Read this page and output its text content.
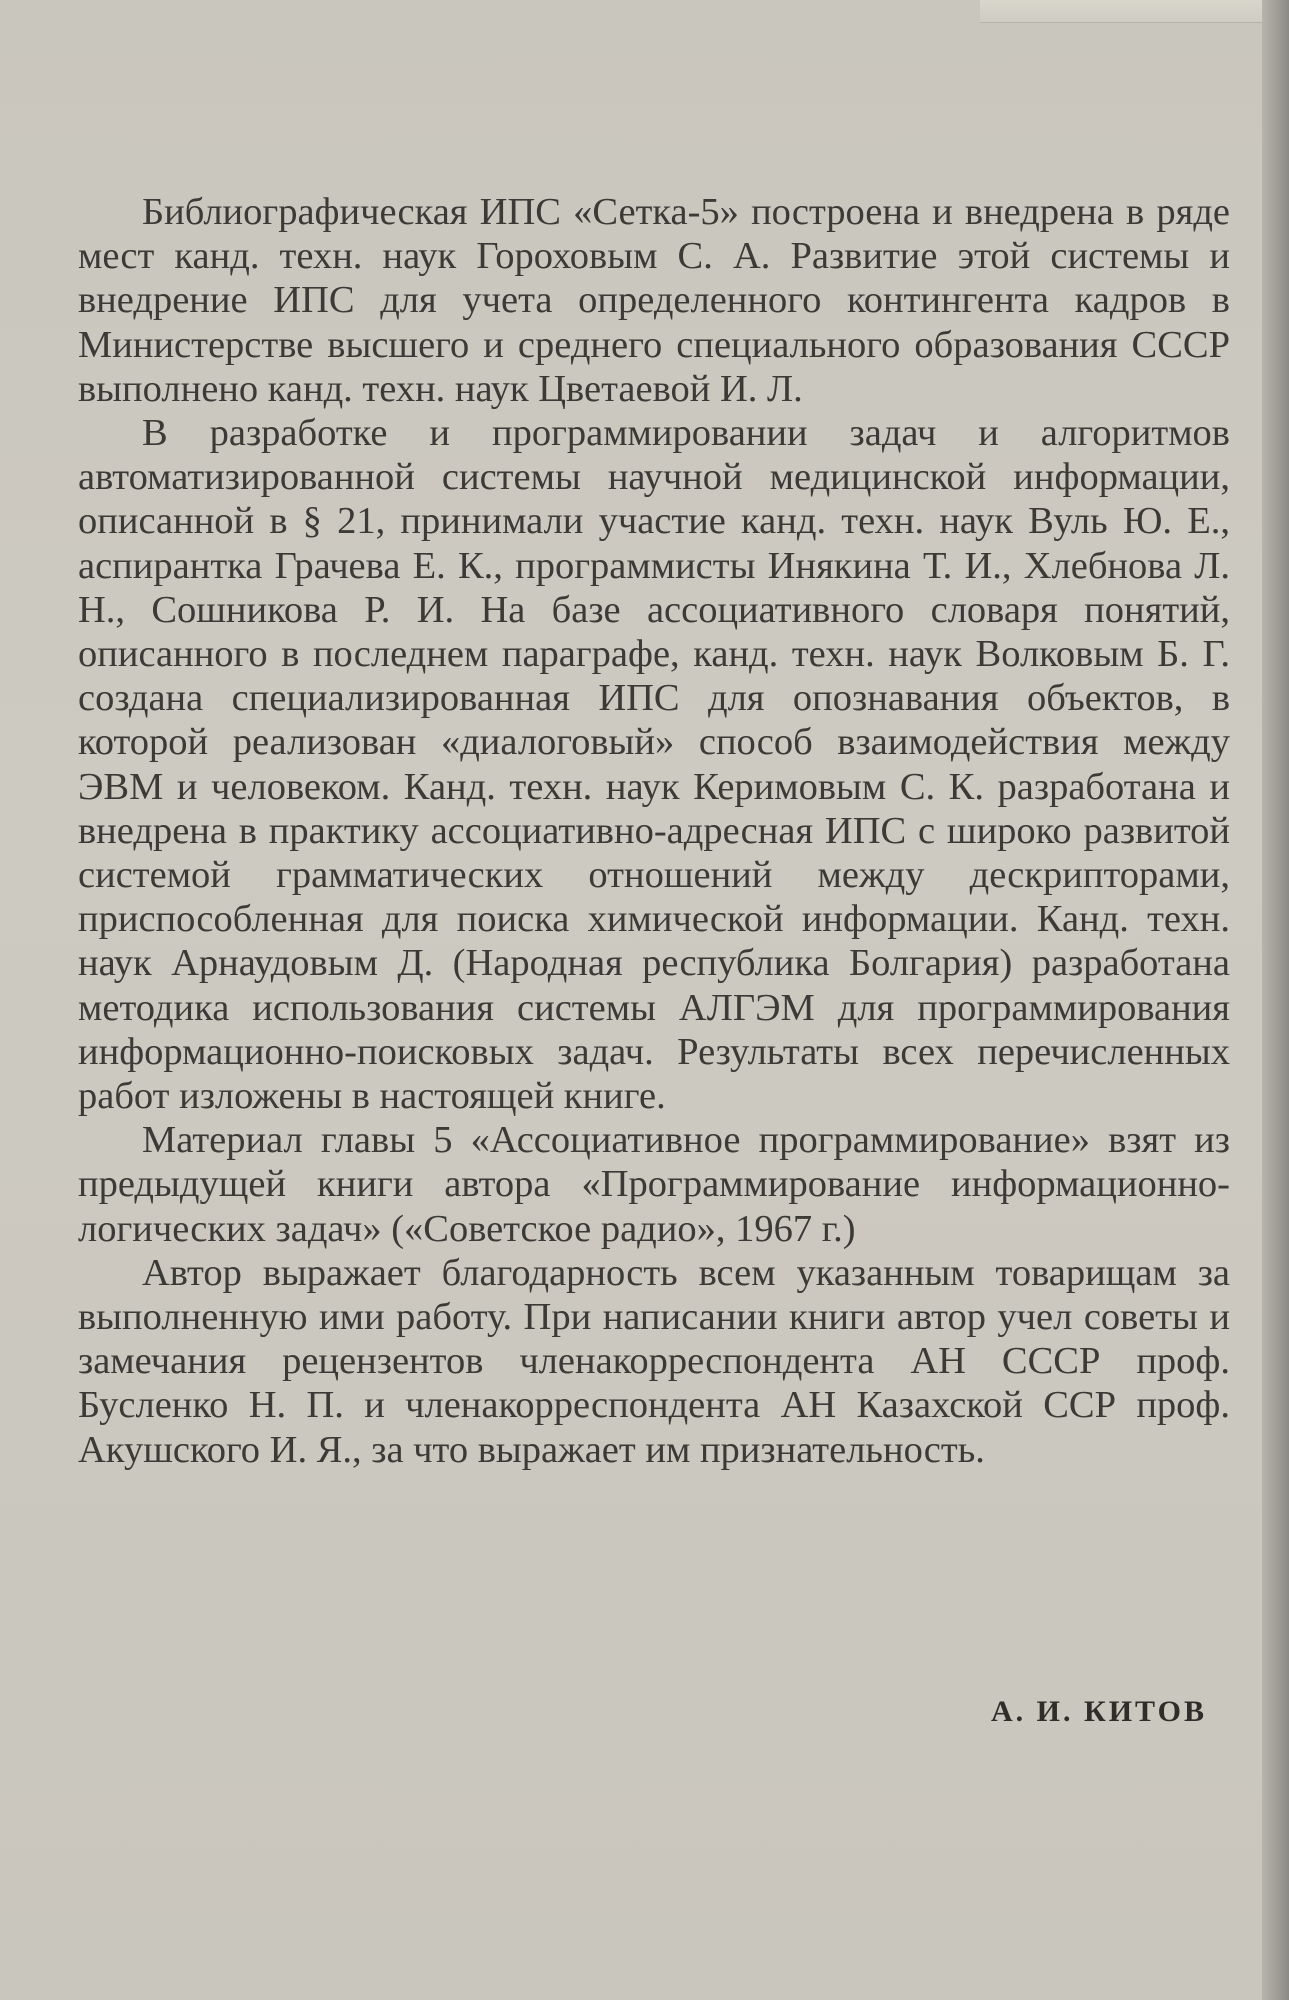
Библиографическая ИПС «Сетка-5» построена и внедрена в ряде мест канд. техн. наук Гороховым С. А. Развитие этой системы и внедрение ИПС для учета определенного контингента кадров в Министерстве высшего и среднего специального образования СССР выполнено канд. техн. наук Цветаевой И. Л.

В разработке и программировании задач и алгоритмов автоматизированной системы научной медицинской информации, описанной в § 21, принимали участие канд. техн. наук Вуль Ю. Е., аспирантка Грачева Е. К., программисты Инякина Т. И., Хлебнова Л. Н., Сошникова Р. И. На базе ассоциативного словаря понятий, описанного в последнем параграфе, канд. техн. наук Волковым Б. Г. создана специализированная ИПС для опознавания объектов, в которой реализован «диалоговый» способ взаимодействия между ЭВМ и человеком. Канд. техн. наук Керимовым С. К. разработана и внедрена в практику ассоциативно-адресная ИПС с широко развитой системой грамматических отношений между дескрипторами, приспособленная для поиска химической информации. Канд. техн. наук Арнаудовым Д. (Народная республика Болгария) разработана методика использования системы АЛГЭМ для программирования информационно-поисковых задач. Результаты всех перечисленных работ изложены в настоящей книге.

Материал главы 5 «Ассоциативное программирование» взят из предыдущей книги автора «Программирование информационно-логических задач» («Советское радио», 1967 г.)

Автор выражает благодарность всем указанным товарищам за выполненную ими работу. При написании книги автор учел советы и замечания рецензентов членакорреспондента АН СССР проф. Бусленко Н. П. и членакорреспондента АН Казахской ССР проф. Акушского И. Я., за что выражает им признательность.

А. И. КИТОВ
